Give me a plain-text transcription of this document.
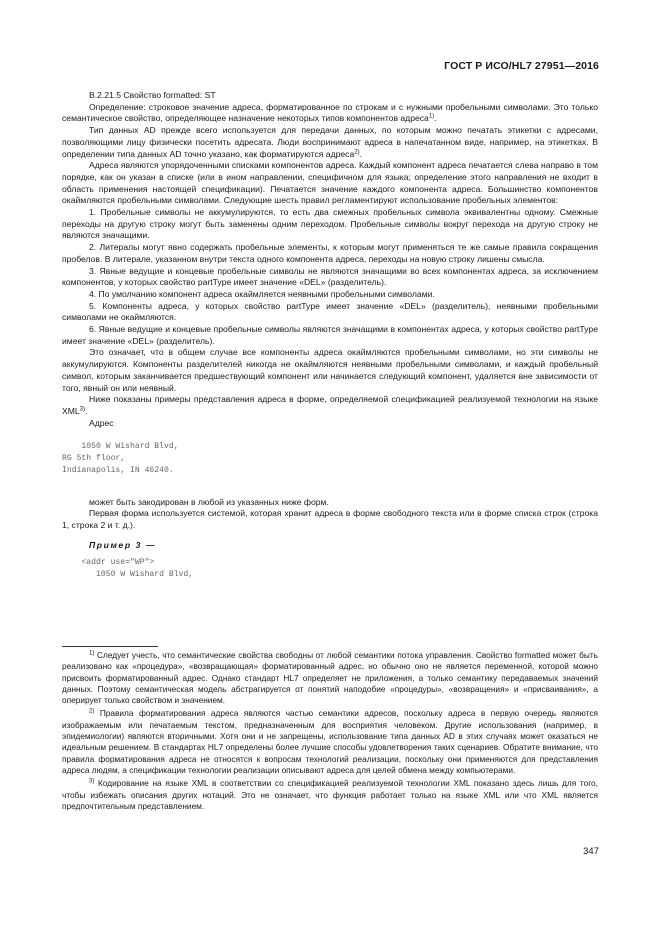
ГОСТ Р ИСО/HL7 27951—2016

B.2.21.5 Свойство formatted: ST

Определение: строковое значение адреса, форматированное по строкам и с нужными пробельными символами. Это только семантическое свойство, определяющее назначение некоторых типов компонентов адреса$^{1)}$.

Тип данных AD прежде всего используется для передачи данных, по которым можно печатать этикетки с адресами, позволяющими лицу физически посетить адресата. Люди воспринимают адреса в напечатанном виде, например, на этикетках. В определении типа данных AD точно указано, как форматируются адреса$^{2)}$.

Адреса являются упорядоченными списками компонентов адреса. Каждый компонент адреса печатается слева направо в том порядке, как он указан в списке (или в ином направлении, специфичном для языка; определение этого направления не входит в область применения настоящей спецификации). Печатается значение каждого компонента адреса. Большинство компонентов окаймляются пробельными символами. Следующие шесть правил регламентируют использование пробельных элементов:

1. Пробельные символы не аккумулируются, то есть два смежных пробельных символа эквивалентны одному. Смежные переходы на другую строку могут быть заменены одним переходом. Пробельные символы вокруг перехода на другую строку не являются значащими.

2. Литералы могут явно содержать пробельные элементы, к которым могут применяться те же самые правила сокращения пробелов. В литерале, указанном внутри текста одного компонента адреса, переходы на новую строку лишены смысла.

3. Явные ведущие и концевые пробельные символы не являются значащими во всех компонентах адреса, за исключением компонентов, у которых свойство partType имеет значение «DEL» (разделитель).

4. По умолчанию компонент адреса окаймляется неявными пробельными символами.

5. Компоненты адреса, у которых свойство partType имеет значение «DEL» (разделитель), неявными пробельными символами не окаймляются.

6. Явные ведущие и концевые пробельные символы являются значащими в компонентах адреса, у которых свойство partType имеет значение «DEL» (разделитель).

Это означает, что в общем случае все компоненты адреса окаймляются пробельными символами, но эти символы не аккумулируются. Компоненты разделителей никогда не окаймляются неявными пробельными символами, и каждый пробельный символ, которым заканчивается предшествующий компонент или начинается следующий компонент, удаляется вне зависимости от того, явный он или неявный.

Ниже показаны примеры представления адреса в форме, определяемой спецификацией реализуемой технологии на языке XML$^{3)}$.

Адрес

1050 W Wishard Blvd,
RG 5th floor,
Indianapolis, IN 46240.

может быть закодирован в любой из указанных ниже форм.

Первая форма используется системой, которая хранит адреса в форме свободного текста или в форме списка строк (строка 1, строка 2 и т. д.).

Пример 3 —

<addr use="WP">
1050 W Wishard Blvd,

$^{1)}$ Следует учесть, что семантические свойства свободны от любой семантики потока управления. Свойство formatted может быть реализовано как «процедура», «возвращающая» форматированный адрес, но обычно оно не является переменной, которой можно присвоить форматированный адрес. Однако стандарт HL7 определяет не приложения, а только семантику передаваемых значений данных. Поэтому семантическая модель абстрагируется от понятий наподобие «процедуры», «возвращения» и «присваивания», а оперирует только свойством и значением.

$^{2)}$ Правила форматирования адреса являются частью семантики адресов, поскольку адреса в первую очередь являются изображаемым или печатаемым текстом, предназначенным для восприятия человеком. Другие использования (например, в эпидемиологии) являются вторичными. Хотя они и не запрещены, использование типа данных AD в этих случаях может оказаться не идеальным решением. В стандартах HL7 определены более лучшие способы удовлетворения таких сценариев. Обратите внимание, что правила форматирования адреса не относятся к вопросам технологий реализации, поскольку они применяются для представления адреса людям, а спецификации технологии реализации описывают адреса для целей обмена между компьютерами.

$^{3)}$ Кодирование на языке XML в соответствии со спецификацией реализуемой технологии XML показано здесь лишь для того, чтобы избежать описания других нотаций. Это не означает, что функция работает только на языке XML или что XML является предпочтительным представлением.

347
